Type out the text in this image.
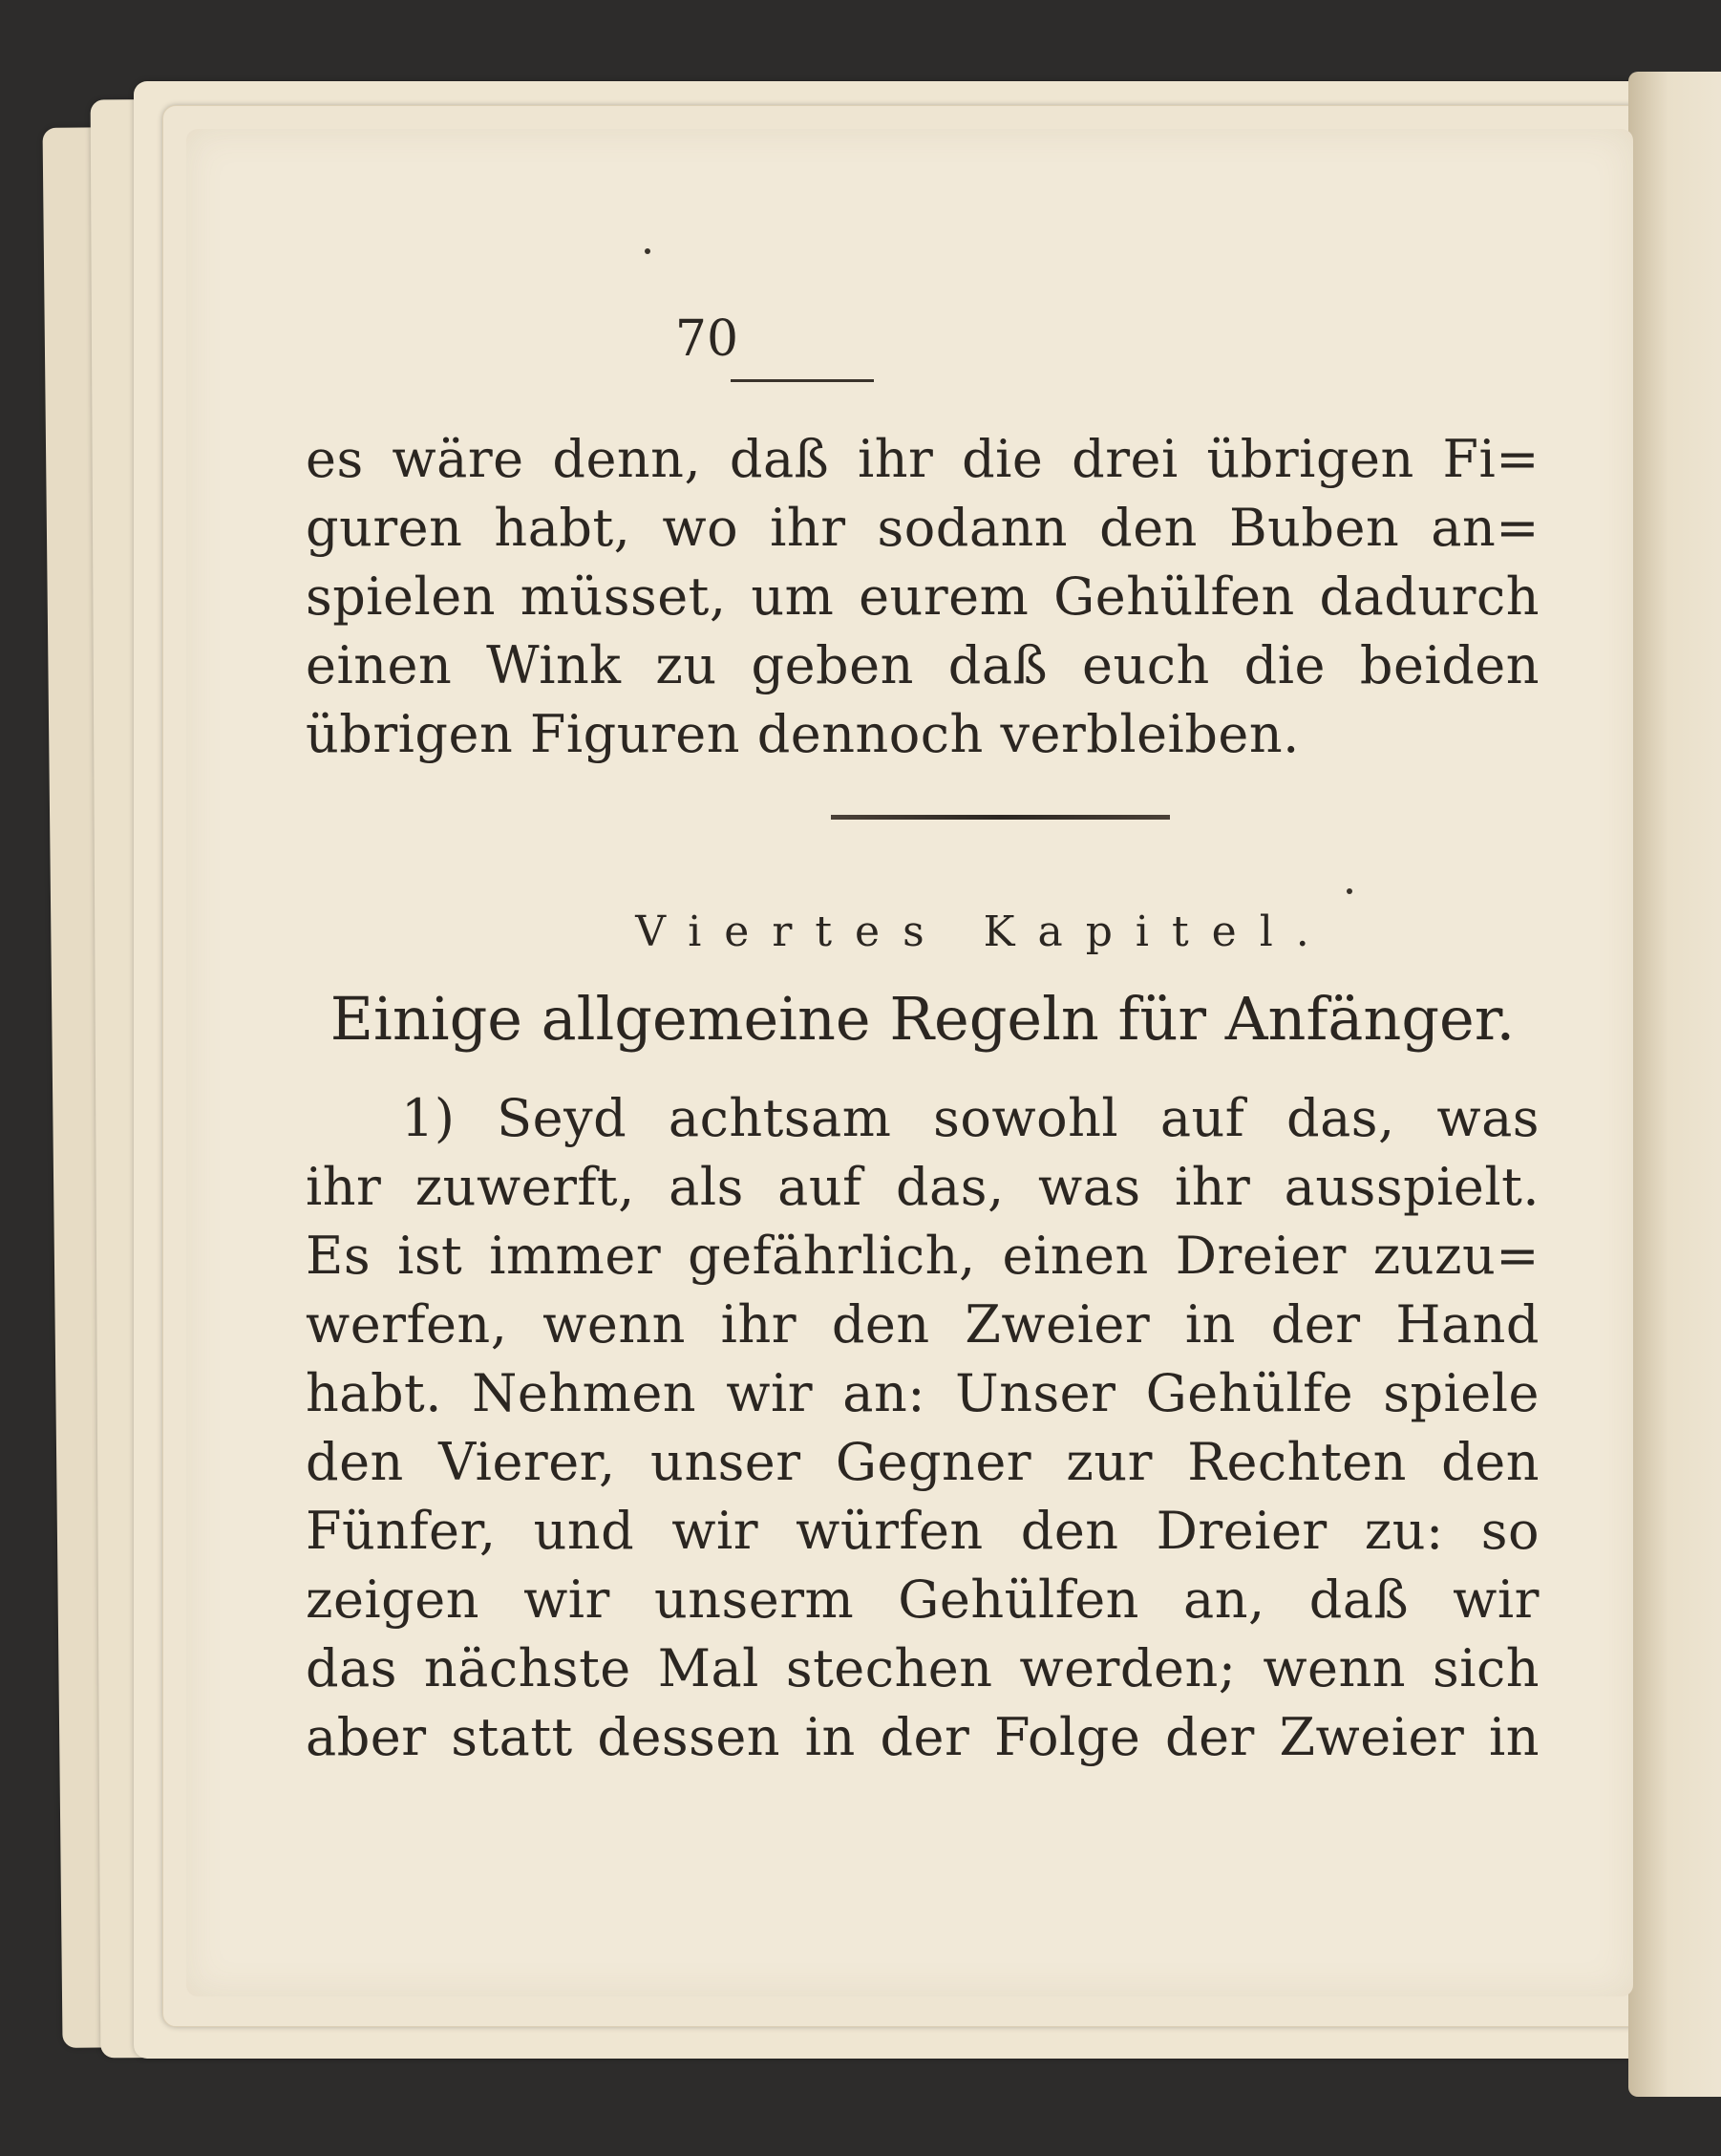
70
es wäre denn, daß ihr die drei übrigen Fi=
guren habt, wo ihr sodann den Buben an=
spielen müsset, um eurem Gehülfen dadurch
einen Wink zu geben daß euch die beiden
übrigen Figuren dennoch verbleiben.
Viertes Kapitel.
Einige allgemeine Regeln für Anfänger.
1) Seyd achtsam sowohl auf das, was
ihr zuwerft, als auf das, was ihr ausspielt.
Es ist immer gefährlich, einen Dreier zuzu=
werfen, wenn ihr den Zweier in der Hand
habt. Nehmen wir an: Unser Gehülfe spiele
den Vierer, unser Gegner zur Rechten den
Fünfer, und wir würfen den Dreier zu: so
zeigen wir unserm Gehülfen an, daß wir
das nächste Mal stechen werden; wenn sich
aber statt dessen in der Folge der Zweier in
